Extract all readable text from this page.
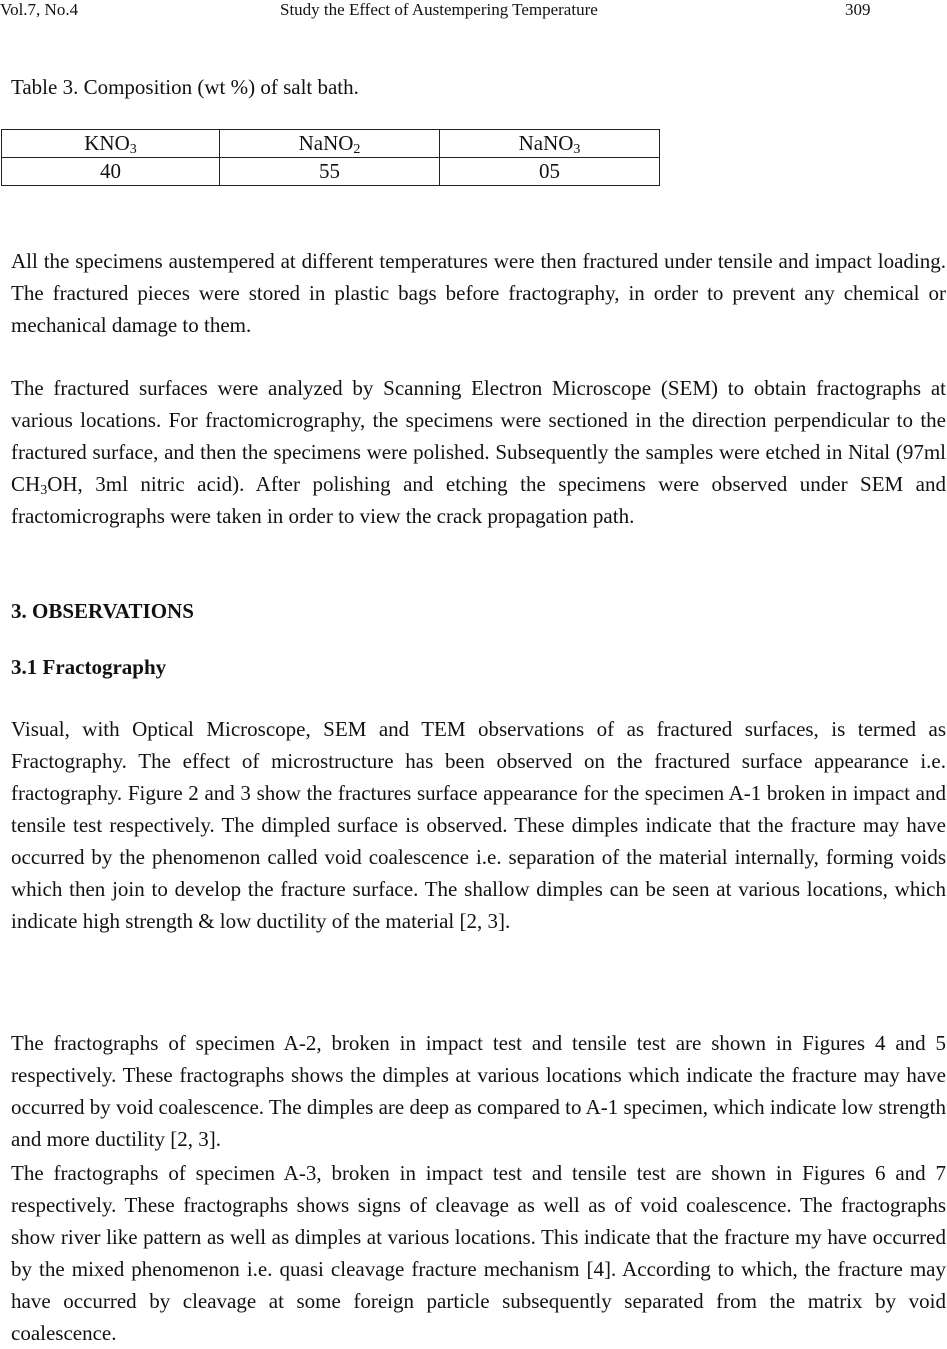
Vol.7, No.4	Study the Effect of Austempering Temperature	309
Table 3. Composition (wt %) of salt bath.
$KNO_3$	NaNO$_2$	NaNO$_3$
40	55	05

All the specimens austempered at different temperatures were then fractured under tensile and impact loading. The fractured pieces were stored in plastic bags before fractography, in order to prevent any chemical or mechanical damage to them.

The fractured surfaces were analyzed by Scanning Electron Microscope (SEM) to obtain fractographs at various locations. For fractomicrography, the specimens were sectioned in the direction perpendicular to the fractured surface, and then the specimens were polished. Subsequently the samples were etched in Nital (97ml $CH_3OH$, 3ml nitric acid). After polishing and etching the specimens were observed under SEM and fractomicrographs were taken in order to view the crack propagation path.

3. OBSERVATIONS
3.1 Fractography

Visual, with Optical Microscope, SEM and TEM observations of as fractured surfaces, is termed as Fractography. The effect of microstructure has been observed on the fractured surface appearance i.e. fractography. Figure 2 and 3 show the fractures surface appearance for the specimen A-1 broken in impact and tensile test respectively. The dimpled surface is observed. These dimples indicate that the fracture may have occurred by the phenomenon called void coalescence i.e. separation of the material internally, forming voids which then join to develop the fracture surface. The shallow dimples can be seen at various locations, which indicate high strength & low ductility of the material [2, 3].

The fractographs of specimen A-2, broken in impact test and tensile test are shown in Figures 4 and 5 respectively. These fractographs shows the dimples at various locations which indicate the fracture may have occurred by void coalescence. The dimples are deep as compared to A-1 specimen, which indicate low strength and more ductility [2, 3].

The fractographs of specimen A-3, broken in impact test and tensile test are shown in Figures 6 and 7 respectively. These fractographs shows signs of cleavage as well as of void coalescence. The fractographs show river like pattern as well as dimples at various locations. This indicate that the fracture my have occurred by the mixed phenomenon i.e. quasi cleavage fracture mechanism [4]. According to which, the fracture may have occurred by cleavage at some foreign particle subsequently separated from the matrix by void coalescence.
